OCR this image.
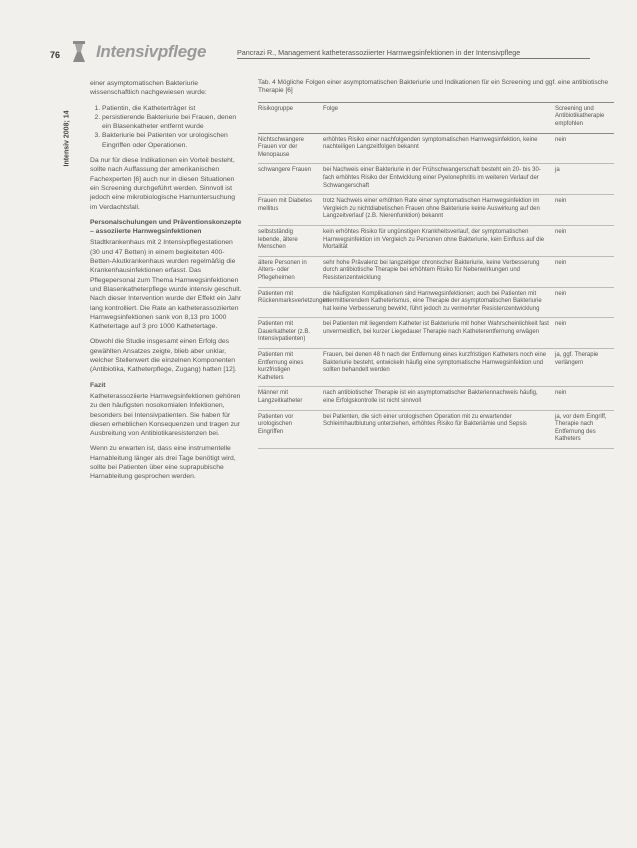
76 Intensivpflege	Pancrazi R., Management katheterassoziierter Harnwegsinfektionen in der Intensivpflege
Intensiv 2008; 14

einer asymptomatischen Bakteriurie wissenschaftlich nachgewiesen wurde:

1. Patientin, die Katheterträger ist
2. persistierende Bakteriurie bei Frauen, denen ein Blasenkatheter entfernt wurde
3. Bakteriurie bei Patienten vor urologischen Eingriffen oder Operationen.

Da nur für diese Indikationen ein Vorteil besteht, sollte nach Auffassung der amerikanischen Fachexperten [6] auch nur in diesen Situationen ein Screening durchgeführt werden. Sinnvoll ist jedoch eine mikrobiologische Harnuntersuchung im Verdachtsfall.

Personalschulungen und Präventionskonzepte – assoziierte Harnwegsinfektionen

Stadtkrankenhaus mit 2 Intensivpflegestationen (30 und 47 Betten) in einem begleiteten 400-Betten-Akutkrankenhaus wurden regelmäßig die Krankenhausinfektionen erfasst. Das Pflegepersonal zum Thema Harnwegsinfektionen und Blasenkatheterpflege wurde intensiv geschult. Nach dieser Intervention wurde der Effekt ein Jahr lang kontrolliert. Die Rate an katheterassoziierten Harnwegsinfektionen sank von 8,13 pro 1000 Kathetertage auf 3 pro 1000 Kathetertage.

Obwohl die Studie insgesamt einen Erfolg des gewählten Ansatzes zeigte, blieb aber unklar, welcher Stellenwert die einzelnen Komponenten (Antibiotika, Katheterpflege, Zugang) hatten [12].

Fazit

Katheterassoziierte Harnwegsinfektionen gehören zu den häufigsten nosokomialen Infektionen, besonders bei Intensivpatienten. Sie haben für diesen erheblichen Konsequenzen und tragen zur Ausbreitung von Antibiotikaresistenzen bei.

Wenn zu erwarten ist, dass eine instrumentelle Harnableitung länger als drei Tage benötigt wird, sollte bei Patienten über eine suprapubische Harnableitung gesprochen werden.

Tab. 4 Mögliche Folgen einer asymptomatischen Bakteriurie und Indikationen für ein Screening und ggf. eine antibiotische Therapie [6]
Risikogruppe	Folge	Screening und Antibiotikatherapie empfohlen
Nichtschwangere Frauen vor der Menopause	erhöhtes Risiko einer nachfolgenden symptomatischen Harnwegsinfektion, keine nachteiligen Langzeitfolgen bekannt	nein
schwangere Frauen	bei Nachweis einer Bakteriurie in der Frühschwangerschaft besteht ein 20- bis 30-fach erhöhtes Risiko der Entwicklung einer Pyelonephritis im weiteren Verlauf der Schwangerschaft	ja
Frauen mit Diabetes mellitus	trotz Nachweis einer erhöhten Rate einer symptomatischen Harnwegsinfektion im Vergleich zu nichtdiabetischen Frauen ohne Bakteriurie keine Auswirkung auf den Langzeitverlauf (z.B. Nierenfunktion) bekannt	nein
selbstständig lebende, ältere Menschen	kein erhöhtes Risiko für ungünstigen Krankheitsverlauf, der symptomatischen Harnwegsinfektion im Vergleich zu Personen ohne Bakteriurie, kein Einfluss auf die Mortalität	nein
ältere Personen in Alters- oder Pflegeheimen	sehr hohe Prävalenz bei langzeitiger chronischer Bakteriurie, keine Verbesserung durch antibiotische Therapie bei erhöhtem Risiko für Nebenwirkungen und Resistenzentwicklung	nein
Patienten mit Rückenmarksverletzungen	die häufigsten Komplikationen sind Harnwegsinfektionen; auch bei Patienten mit intermittierendem Katheterismus, eine Therapie der asymptomatischen Bakteriurie hat keine Verbesserung bewirkt, führt jedoch zu vermehrter Resistenzentwicklung	nein
Patienten mit Dauerkatheter (z.B. Intensivpatienten)	bei Patienten mit liegendem Katheter ist Bakteriurie mit hoher Wahrscheinlichkeit fast unvermeidlich, bei kurzer Liegedauer Therapie nach Katheterentfernung erwägen	nein
Patienten mit Entfernung eines kurzfristigen Katheters	Frauen, bei denen 48 h nach der Entfernung eines kurzfristigen Katheters noch eine Bakteriurie besteht, entwickeln häufig eine symptomatische Harnwegsinfektion und sollten behandelt werden	ja, ggf. Therapie verlängern
Männer mit Langzeitkatheter	nach antibiotischer Therapie ist ein asymptomatischer Bakteriennachweis häufig, eine Erfolgskontrolle ist nicht sinnvoll	nein
Patienten vor urologischen Eingriffen	bei Patienten, die sich einer urologischen Operation mit zu erwartender Schleimhautblutung unterziehen, erhöhtes Risiko für Bakteriämie und Sepsis	ja, vor dem Eingriff, Therapie nach Entfernung des Katheters
